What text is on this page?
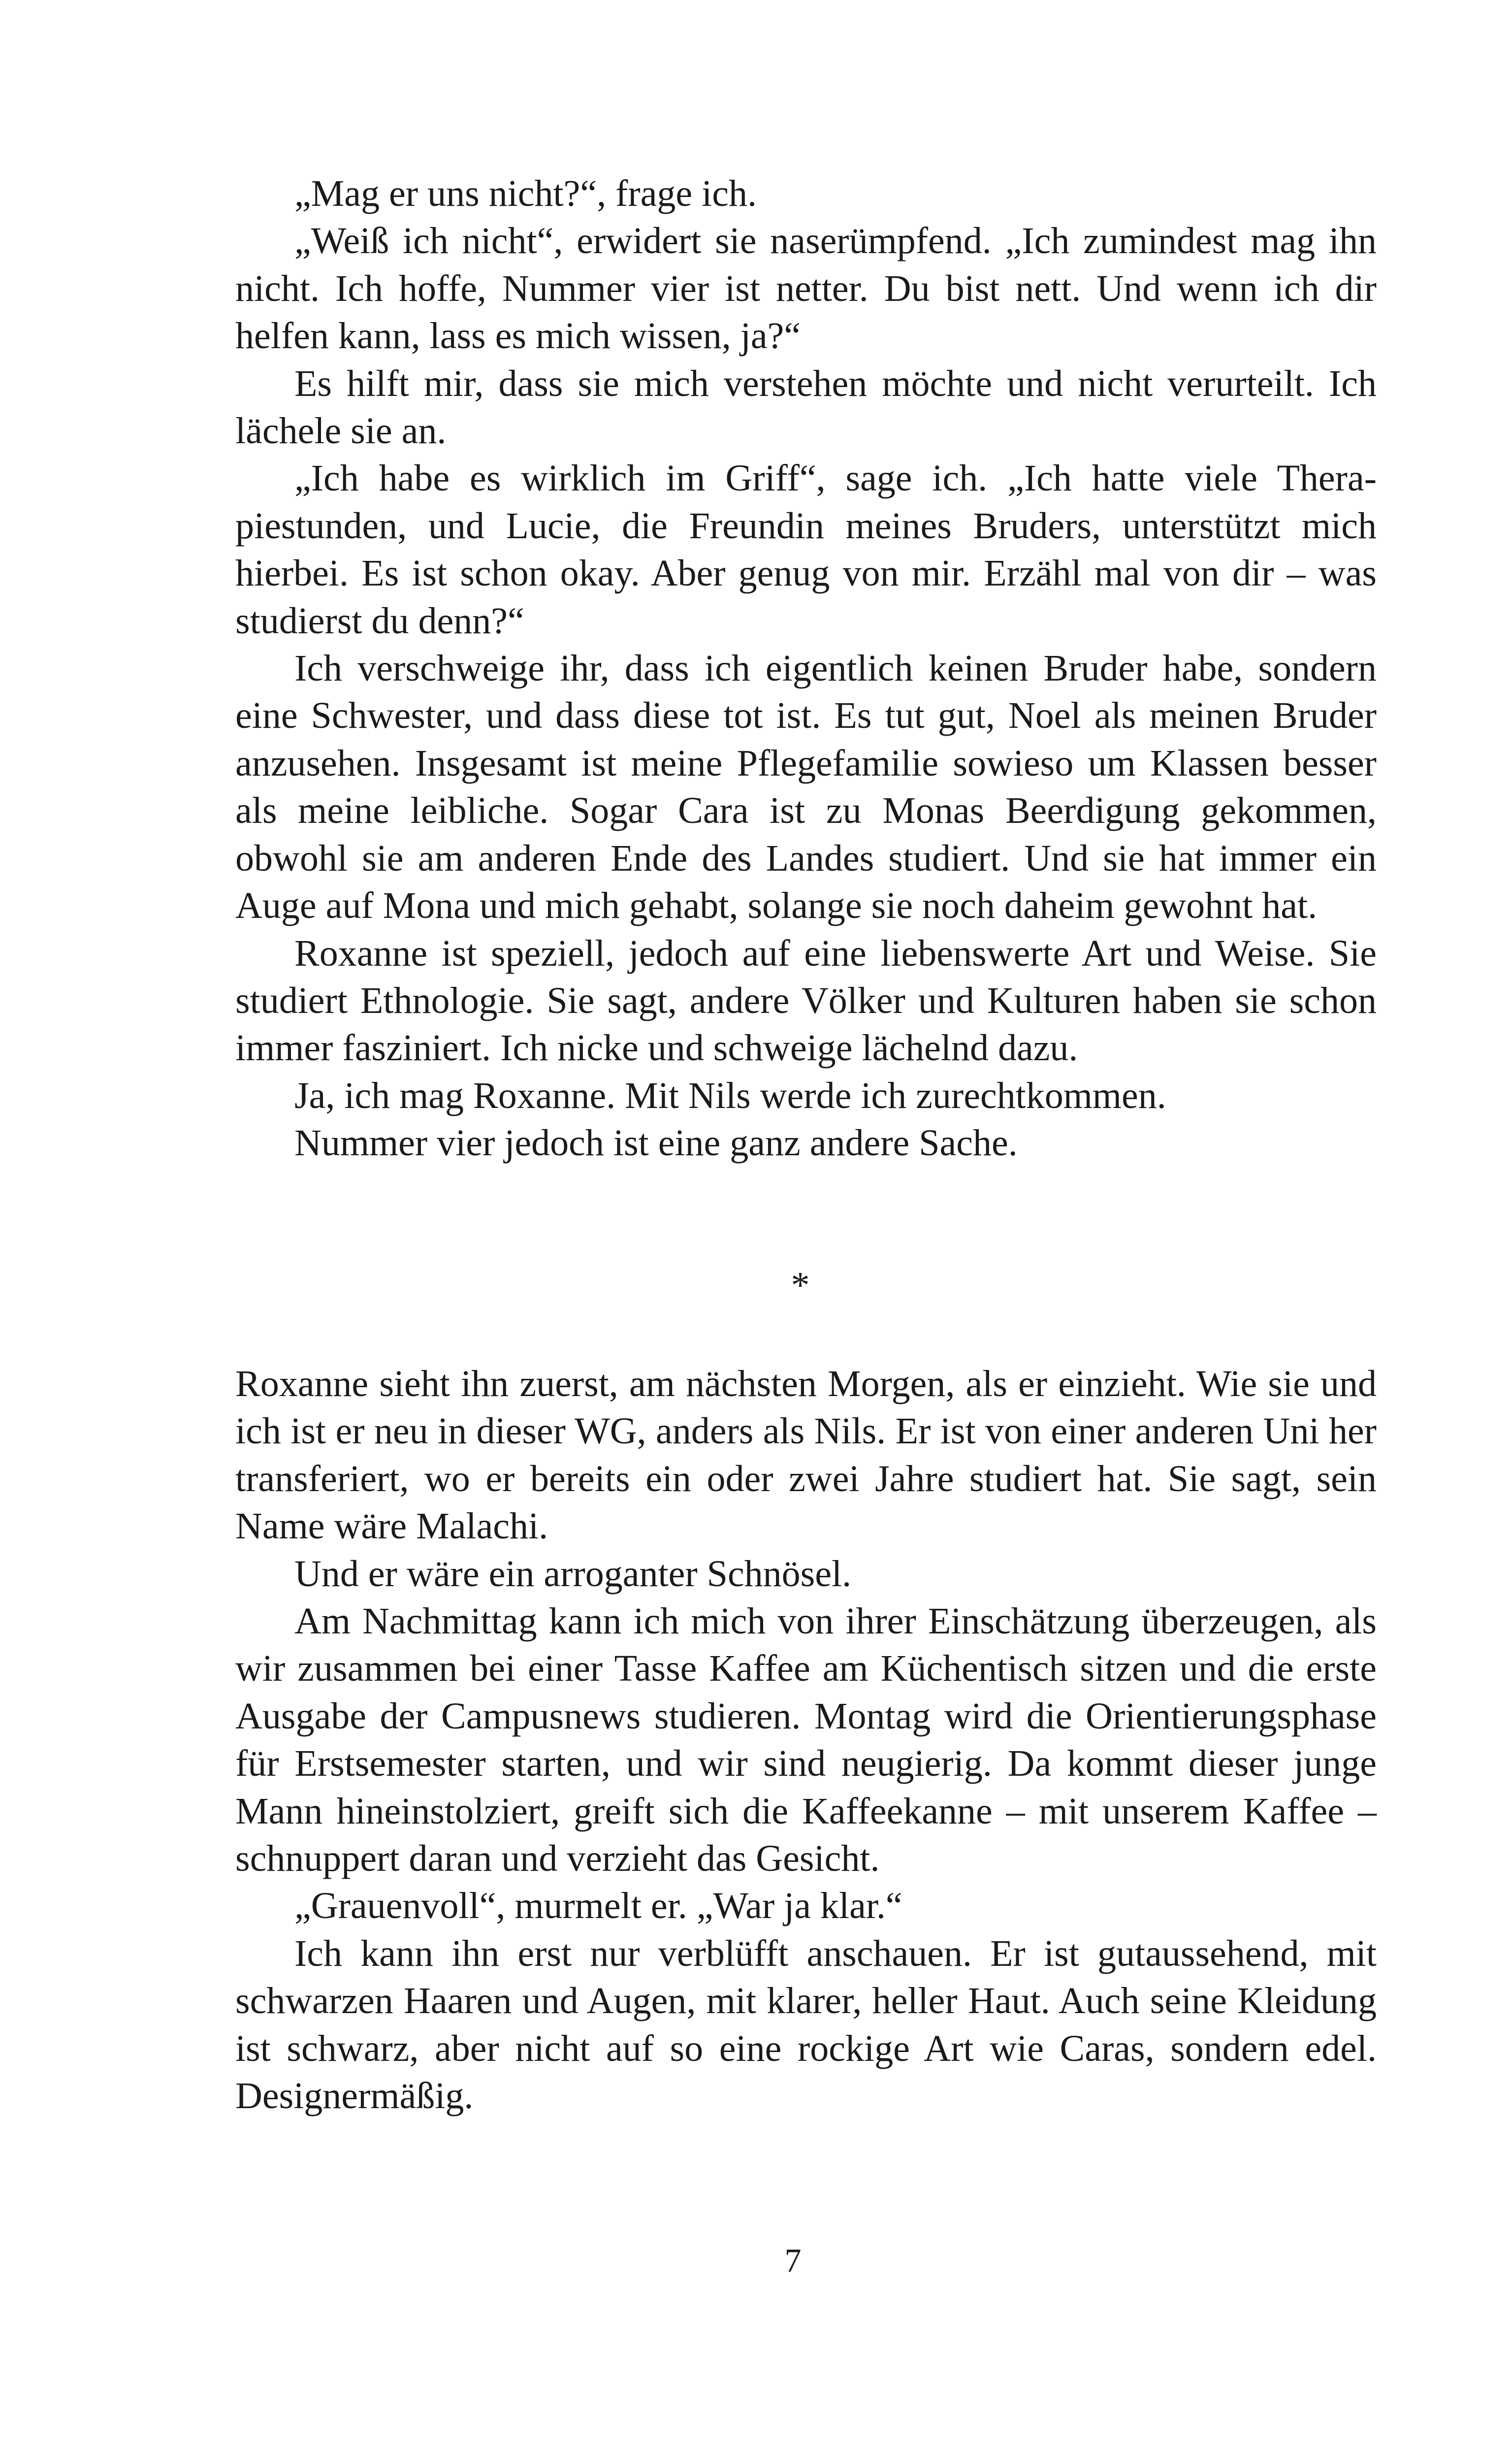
„Mag er uns nicht?“, frage ich.

„Weiß ich nicht“, erwidert sie naserümpfend. „Ich zumindest mag ihn nicht. Ich hoffe, Nummer vier ist netter. Du bist nett. Und wenn ich dir helfen kann, lass es mich wissen, ja?“

Es hilft mir, dass sie mich verstehen möchte und nicht verurteilt. Ich lächele sie an.

„Ich habe es wirklich im Griff“, sage ich. „Ich hatte viele Therapiestunden, und Lucie, die Freundin meines Bruders, unterstützt mich hierbei. Es ist schon okay. Aber genug von mir. Erzähl mal von dir – was studierst du denn?“

Ich verschweige ihr, dass ich eigentlich keinen Bruder habe, sondern eine Schwester, und dass diese tot ist. Es tut gut, Noel als meinen Bruder anzusehen. Insgesamt ist meine Pflegefamilie sowieso um Klassen besser als meine leibliche. Sogar Cara ist zu Monas Beerdigung gekommen, obwohl sie am anderen Ende des Landes studiert. Und sie hat immer ein Auge auf Mona und mich gehabt, solange sie noch daheim gewohnt hat.

Roxanne ist speziell, jedoch auf eine liebenswerte Art und Weise. Sie studiert Ethnologie. Sie sagt, andere Völker und Kulturen haben sie schon immer fasziniert. Ich nicke und schweige lächelnd dazu.

Ja, ich mag Roxanne. Mit Nils werde ich zurechtkommen.

Nummer vier jedoch ist eine ganz andere Sache.

*

Roxanne sieht ihn zuerst, am nächsten Morgen, als er einzieht. Wie sie und ich ist er neu in dieser WG, anders als Nils. Er ist von einer anderen Uni her transferiert, wo er bereits ein oder zwei Jahre studiert hat. Sie sagt, sein Name wäre Malachi.

Und er wäre ein arroganter Schnösel.

Am Nachmittag kann ich mich von ihrer Einschätzung überzeugen, als wir zusammen bei einer Tasse Kaffee am Küchentisch sitzen und die erste Ausgabe der Campusnews studieren. Montag wird die Orientierungsphase für Erstsemester starten, und wir sind neugierig. Da kommt dieser junge Mann hineinstolziert, greift sich die Kaffeekanne – mit unserem Kaffee – schnuppert daran und verzieht das Gesicht.

„Grauenvoll“, murmelt er. „War ja klar.“

Ich kann ihn erst nur verblüfft anschauen. Er ist gutaussehend, mit schwarzen Haaren und Augen, mit klarer, heller Haut. Auch seine Kleidung ist schwarz, aber nicht auf so eine rockige Art wie Caras, sondern edel. Designermäßig.

7
